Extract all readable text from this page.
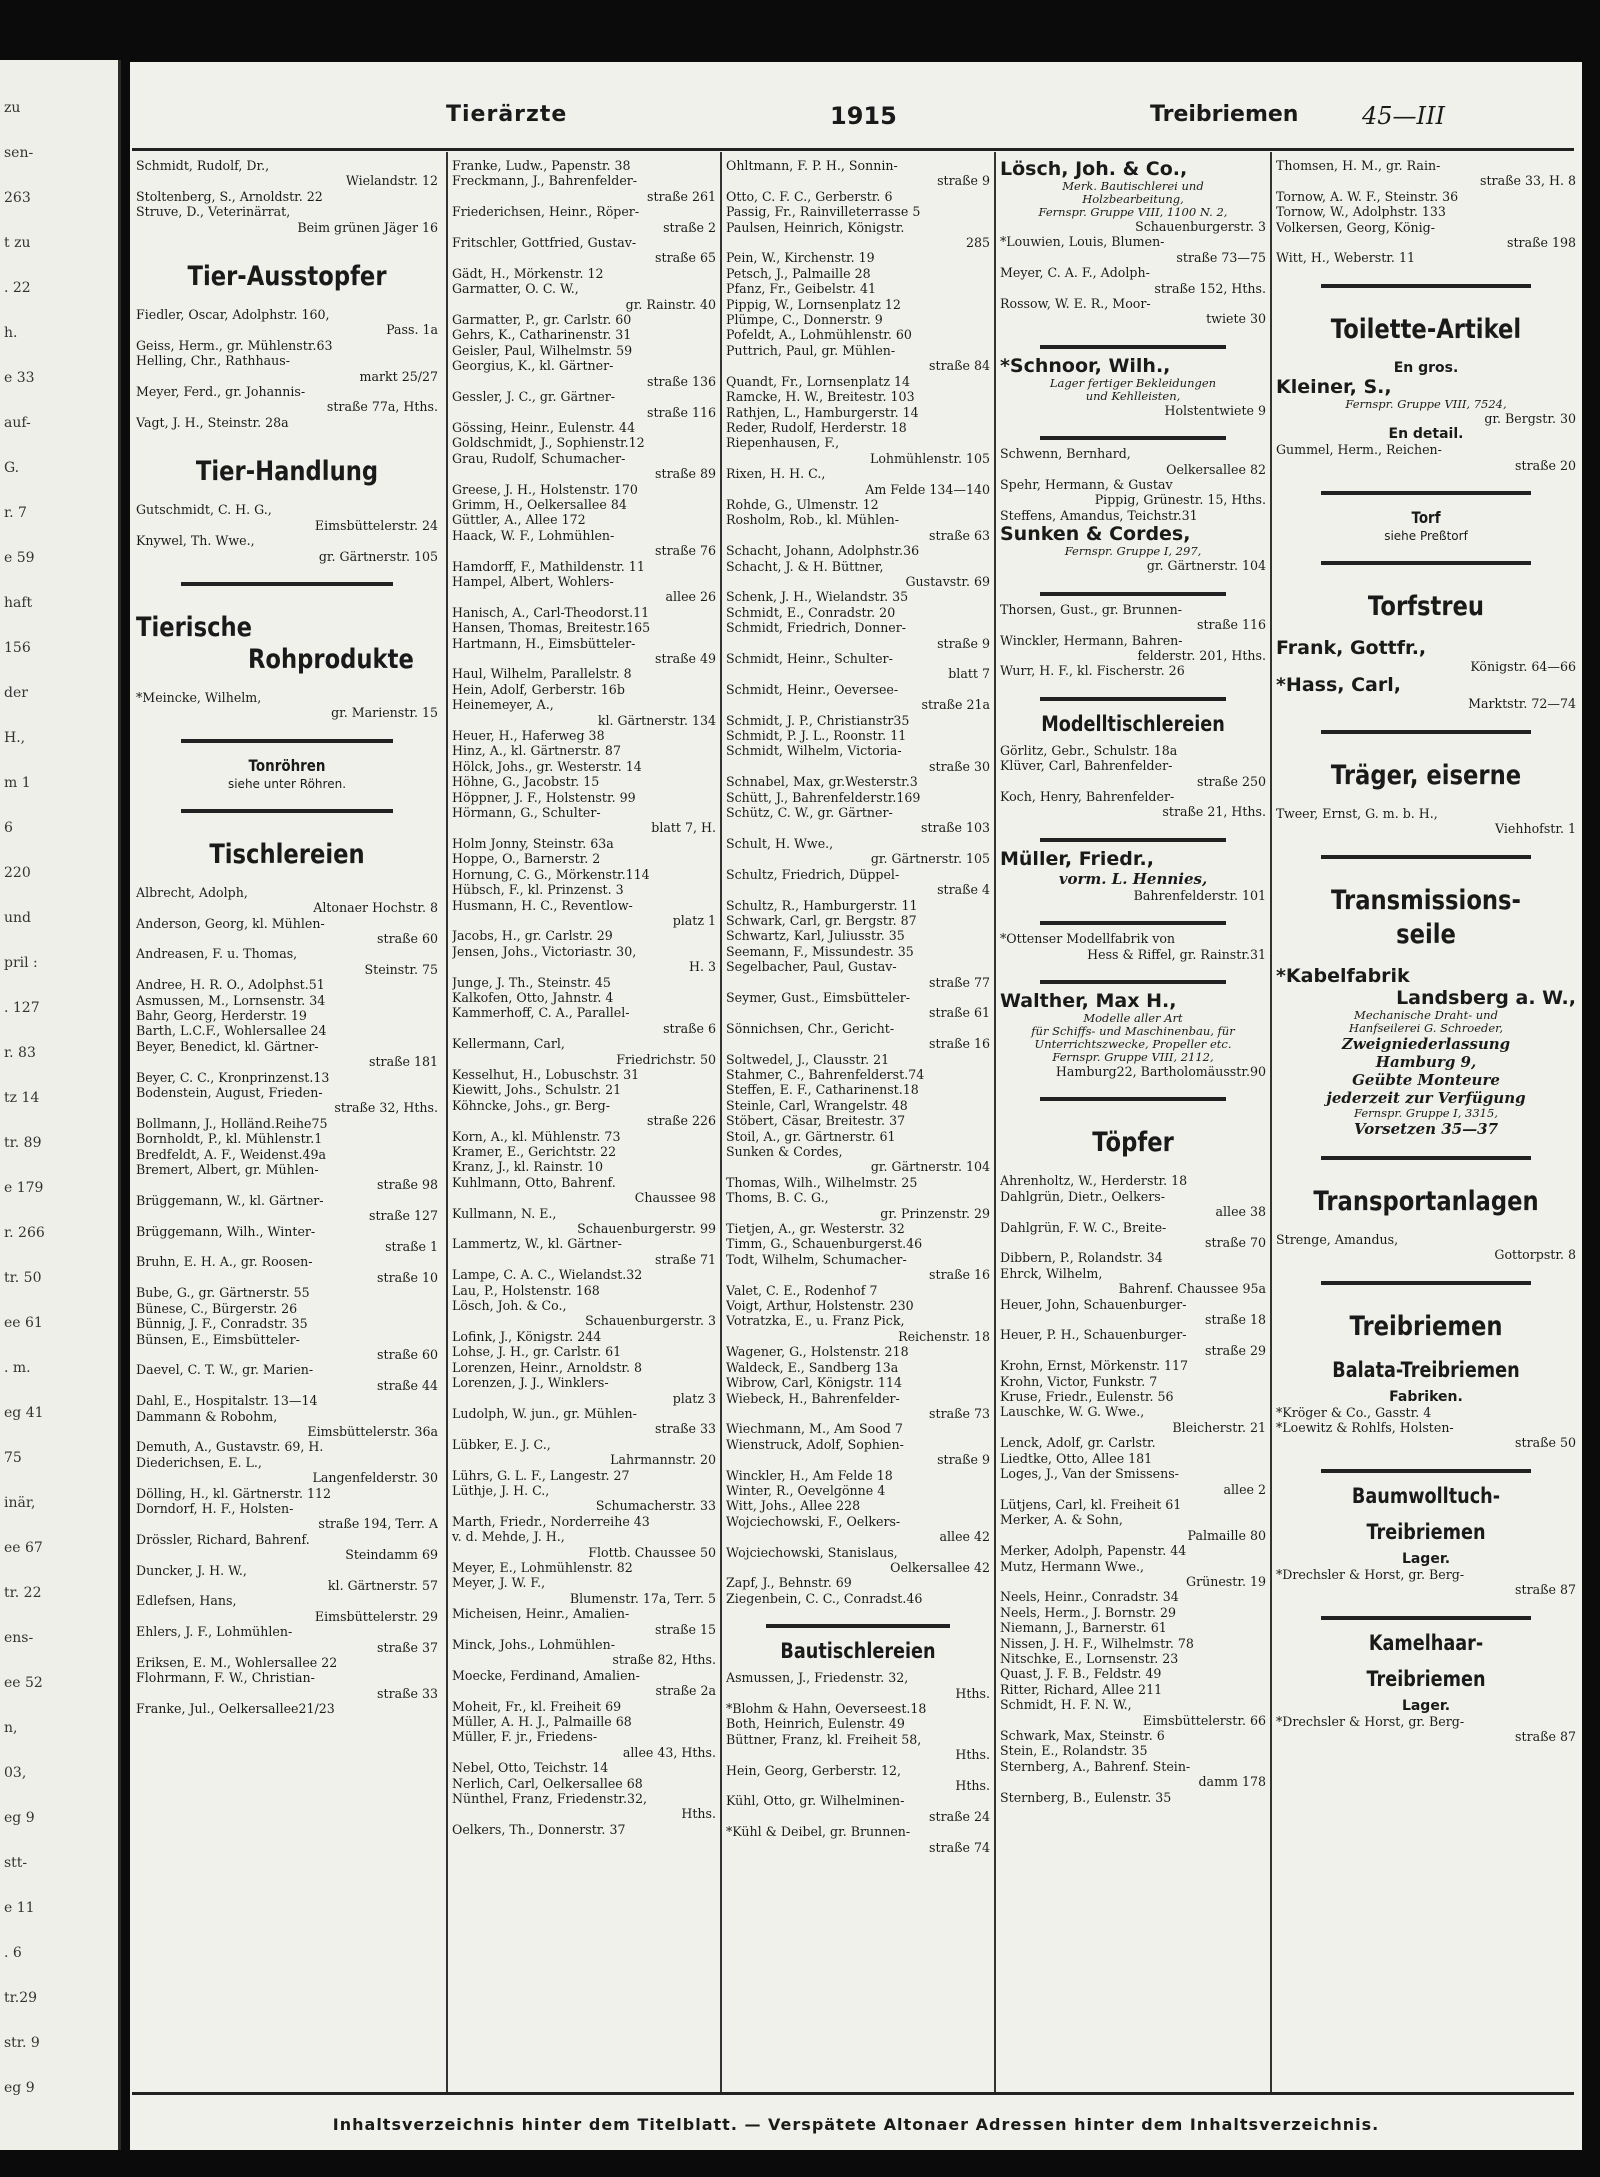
zu
sen-
263
t zu
. 22
h.
e 33
auf-
G.
r. 7
e 59
haft
156
der
H.,
m 1
6
220
und
pril :
. 127
r. 83
tz 14
tr. 89
e 179
r. 266
tr. 50
ee 61
. m.
eg 41
75
inär,
ee 67
tr. 22
ens-
ee 52
n,
03,
eg 9
stt-
e 11
. 6
tr.29
str. 9
eg 9
Tierärzte	1915	Treibriemen	45—III
Schmidt, Rudolf, Dr.,
Wielandstr. 12
Stoltenberg, S., Arnoldstr. 22
Struve, D., Veterinärrat,
Beim grünen Jäger 16
Tier-Ausstopfer
Fiedler, Oscar, Adolphstr. 160,
Pass. 1a
Geiss, Herm., gr. Mühlenstr.63
Helling, Chr., Rathhaus-
markt 25/27
Meyer, Ferd., gr. Johannis-
straße 77a, Hths.
Vagt, J. H., Steinstr. 28a
Tier-Handlung
Gutschmidt, C. H. G.,
Eimsbüttelerstr. 24
Knywel, Th. Wwe.,
gr. Gärtnerstr. 105
Tierische
Rohprodukte
*Meincke, Wilhelm,
gr. Marienstr. 15
Tonröhren
siehe unter Röhren.
Tischlereien
Albrecht, Adolph,
Altonaer Hochstr. 8
Anderson, Georg, kl. Mühlen-
straße 60
Andreasen, F. u. Thomas,
Steinstr. 75
Andree, H. R. O., Adolphst.51
Asmussen, M., Lornsenstr. 34
Bahr, Georg, Herderstr. 19
Barth, L.C.F., Wohlersallee 24
Beyer, Benedict, kl. Gärtner-
straße 181
Beyer, C. C., Kronprinzenst.13
Bodenstein, August, Frieden-
straße 32, Hths.
Bollmann, J., Holländ.Reihe75
Bornholdt, P., kl. Mühlenstr.1
Bredfeldt, A. F., Weidenst.49a
Bremert, Albert, gr. Mühlen-
straße 98
Brüggemann, W., kl. Gärtner-
straße 127
Brüggemann, Wilh., Winter-
straße 1
Bruhn, E. H. A., gr. Roosen-
straße 10
Bube, G., gr. Gärtnerstr. 55
Bünese, C., Bürgerstr. 26
Bünnig, J. F., Conradstr. 35
Bünsen, E., Eimsbütteler-
straße 60
Daevel, C. T. W., gr. Marien-
straße 44
Dahl, E., Hospitalstr. 13—14
Dammann & Robohm,
Eimsbüttelerstr. 36a
Demuth, A., Gustavstr. 69, H.
Diederichsen, E. L.,
Langenfelderstr. 30
Dölling, H., kl. Gärtnerstr. 112
Dorndorf, H. F., Holsten-
straße 194, Terr. A
Drössler, Richard, Bahrenf.
Steindamm 69
Duncker, J. H. W.,
kl. Gärtnerstr. 57
Edlefsen, Hans,
Eimsbüttelerstr. 29
Ehlers, J. F., Lohmühlen-
straße 37
Eriksen, E. M., Wohlersallee 22
Flohrmann, F. W., Christian-
straße 33
Franke, Jul., Oelkersallee21/23
Franke, Ludw., Papenstr. 38
Freckmann, J., Bahrenfelder-
straße 261
Friederichsen, Heinr., Röper-
straße 2
Fritschler, Gottfried, Gustav-
straße 65
Gädt, H., Mörkenstr. 12
Garmatter, O. C. W.,
gr. Rainstr. 40
Garmatter, P., gr. Carlstr. 60
Gehrs, K., Catharinenstr. 31
Geisler, Paul, Wilhelmstr. 59
Georgius, K., kl. Gärtner-
straße 136
Gessler, J. C., gr. Gärtner-
straße 116
Gössing, Heinr., Eulenstr. 44
Goldschmidt, J., Sophienstr.12
Grau, Rudolf, Schumacher-
straße 89
Greese, J. H., Holstenstr. 170
Grimm, H., Oelkersallee 84
Güttler, A., Allee 172
Haack, W. F., Lohmühlen-
straße 76
Hamdorff, F., Mathildenstr. 11
Hampel, Albert, Wohlers-
allee 26
Hanisch, A., Carl-Theodorst.11
Hansen, Thomas, Breitestr.165
Hartmann, H., Eimsbütteler-
straße 49
Haul, Wilhelm, Parallelstr. 8
Hein, Adolf, Gerberstr. 16b
Heinemeyer, A.,
kl. Gärtnerstr. 134
Heuer, H., Haferweg 38
Hinz, A., kl. Gärtnerstr. 87
Hölck, Johs., gr. Westerstr. 14
Höhne, G., Jacobstr. 15
Höppner, J. F., Holstenstr. 99
Hörmann, G., Schulter-
blatt 7, H.
Holm Jonny, Steinstr. 63a
Hoppe, O., Barnerstr. 2
Hornung, C. G., Mörkenstr.114
Hübsch, F., kl. Prinzenst. 3
Husmann, H. C., Reventlow-
platz 1
Jacobs, H., gr. Carlstr. 29
Jensen, Johs., Victoriastr. 30,
H. 3
Junge, J. Th., Steinstr. 45
Kalkofen, Otto, Jahnstr. 4
Kammerhoff, C. A., Parallel-
straße 6
Kellermann, Carl,
Friedrichstr. 50
Kesselhut, H., Lobuschstr. 31
Kiewitt, Johs., Schulstr. 21
Köhncke, Johs., gr. Berg-
straße 226
Korn, A., kl. Mühlenstr. 73
Kramer, E., Gerichtstr. 22
Kranz, J., kl. Rainstr. 10
Kuhlmann, Otto, Bahrenf.
Chaussee 98
Kullmann, N. E.,
Schauenburgerstr. 99
Lammertz, W., kl. Gärtner-
straße 71
Lampe, C. A. C., Wielandst.32
Lau, P., Holstenstr. 168
Lösch, Joh. & Co.,
Schauenburgerstr. 3
Lofink, J., Königstr. 244
Lohse, J. H., gr. Carlstr. 61
Lorenzen, Heinr., Arnoldstr. 8
Lorenzen, J. J., Winklers-
platz 3
Ludolph, W. jun., gr. Mühlen-
straße 33
Lübker, E. J. C.,
Lahrmannstr. 20
Lührs, G. L. F., Langestr. 27
Lüthje, J. H. C.,
Schumacherstr. 33
Marth, Friedr., Norderreihe 43
v. d. Mehde, J. H.,
Flottb. Chaussee 50
Meyer, E., Lohmühlenstr. 82
Meyer, J. W. F.,
Blumenstr. 17a, Terr. 5
Micheisen, Heinr., Amalien-
straße 15
Minck, Johs., Lohmühlen-
straße 82, Hths.
Moecke, Ferdinand, Amalien-
straße 2a
Moheit, Fr., kl. Freiheit 69
Müller, A. H. J., Palmaille 68
Müller, F. jr., Friedens-
allee 43, Hths.
Nebel, Otto, Teichstr. 14
Nerlich, Carl, Oelkersallee 68
Nünthel, Franz, Friedenstr.32,
Hths.
Oelkers, Th., Donnerstr. 37
Ohltmann, F. P. H., Sonnin-
straße 9
Otto, C. F. C., Gerberstr. 6
Passig, Fr., Rainvilleterrasse 5
Paulsen, Heinrich, Königstr.
285
Pein, W., Kirchenstr. 19
Petsch, J., Palmaille 28
Pfanz, Fr., Geibelstr. 41
Pippig, W., Lornsenplatz 12
Plümpe, C., Donnerstr. 9
Pofeldt, A., Lohmühlenstr. 60
Puttrich, Paul, gr. Mühlen-
straße 84
Quandt, Fr., Lornsenplatz 14
Ramcke, H. W., Breitestr. 103
Rathjen, L., Hamburgerstr. 14
Reder, Rudolf, Herderstr. 18
Riepenhausen, F.,
Lohmühlenstr. 105
Rixen, H. H. C.,
Am Felde 134—140
Rohde, G., Ulmenstr. 12
Rosholm, Rob., kl. Mühlen-
straße 63
Schacht, Johann, Adolphstr.36
Schacht, J. & H. Büttner,
Gustavstr. 69
Schenk, J. H., Wielandstr. 35
Schmidt, E., Conradstr. 20
Schmidt, Friedrich, Donner-
straße 9
Schmidt, Heinr., Schulter-
blatt 7
Schmidt, Heinr., Oeversee-
straße 21a
Schmidt, J. P., Christianstr35
Schmidt, P. J. L., Roonstr. 11
Schmidt, Wilhelm, Victoria-
straße 30
Schnabel, Max, gr.Westerstr.3
Schütt, J., Bahrenfelderstr.169
Schütz, C. W., gr. Gärtner-
straße 103
Schult, H. Wwe.,
gr. Gärtnerstr. 105
Schultz, Friedrich, Düppel-
straße 4
Schultz, R., Hamburgerstr. 11
Schwark, Carl, gr. Bergstr. 87
Schwartz, Karl, Juliusstr. 35
Seemann, F., Missundestr. 35
Segelbacher, Paul, Gustav-
straße 77
Seymer, Gust., Eimsbütteler-
straße 61
Sönnichsen, Chr., Gericht-
straße 16
Soltwedel, J., Clausstr. 21
Stahmer, C., Bahrenfelderst.74
Steffen, E. F., Catharinenst.18
Steinle, Carl, Wrangelstr. 48
Stöbert, Cäsar, Breitestr. 37
Stoil, A., gr. Gärtnerstr. 61
Sunken & Cordes,
gr. Gärtnerstr. 104
Thomas, Wilh., Wilhelmstr. 25
Thoms, B. C. G.,
gr. Prinzenstr. 29
Tietjen, A., gr. Westerstr. 32
Timm, G., Schauenburgerst.46
Todt, Wilhelm, Schumacher-
straße 16
Valet, C. E., Rodenhof 7
Voigt, Arthur, Holstenstr. 230
Votratzka, E., u. Franz Pick,
Reichenstr. 18
Wagener, G., Holstenstr. 218
Waldeck, E., Sandberg 13a
Wibrow, Carl, Königstr. 114
Wiebeck, H., Bahrenfelder-
straße 73
Wiechmann, M., Am Sood 7
Wienstruck, Adolf, Sophien-
straße 9
Winckler, H., Am Felde 18
Winter, R., Oevelgönne 4
Witt, Johs., Allee 228
Wojciechowski, F., Oelkers-
allee 42
Wojciechowski, Stanislaus,
Oelkersallee 42
Zapf, J., Behnstr. 69
Ziegenbein, C. C., Conradst.46
Bautischlereien
Asmussen, J., Friedenstr. 32,
Hths.
*Blohm & Hahn, Oeverseest.18
Both, Heinrich, Eulenstr. 49
Büttner, Franz, kl. Freiheit 58,
Hths.
Hein, Georg, Gerberstr. 12,
Hths.
Kühl, Otto, gr. Wilhelminen-
straße 24
*Kühl & Deibel, gr. Brunnen-
straße 74
Lösch, Joh. & Co.,
Merk. Bautischlerei und
Holzbearbeitung,
Fernspr. Gruppe VIII, 1100 N. 2,
Schauenburgerstr. 3
*Louwien, Louis, Blumen-
straße 73—75
Meyer, C. A. F., Adolph-
straße 152, Hths.
Rossow, W. E. R., Moor-
twiete 30
*Schnoor, Wilh.,
Lager fertiger Bekleidungen
und Kehlleisten,
Holstentwiete 9
Schwenn, Bernhard,
Oelkersallee 82
Spehr, Hermann, & Gustav
Pippig, Grünestr. 15, Hths.
Steffens, Amandus, Teichstr.31
Sunken & Cordes,
Fernspr. Gruppe I, 297,
gr. Gärtnerstr. 104
Thorsen, Gust., gr. Brunnen-
straße 116
Winckler, Hermann, Bahren-
felderstr. 201, Hths.
Wurr, H. F., kl. Fischerstr. 26
Modelltischlereien
Görlitz, Gebr., Schulstr. 18a
Klüver, Carl, Bahrenfelder-
straße 250
Koch, Henry, Bahrenfelder-
straße 21, Hths.
Müller, Friedr.,
vorm. L. Hennies,
Bahrenfelderstr. 101
*Ottenser Modellfabrik von
Hess & Riffel, gr. Rainstr.31
Walther, Max H.,
Modelle aller Art
für Schiffs- und Maschinenbau, für
Unterrichtszwecke, Propeller etc.
Fernspr. Gruppe VIII, 2112,
Hamburg22, Bartholomäusstr.90
Töpfer
Ahrenholtz, W., Herderstr. 18
Dahlgrün, Dietr., Oelkers-
allee 38
Dahlgrün, F. W. C., Breite-
straße 70
Dibbern, P., Rolandstr. 34
Ehrck, Wilhelm,
Bahrenf. Chaussee 95a
Heuer, John, Schauenburger-
straße 18
Heuer, P. H., Schauenburger-
straße 29
Krohn, Ernst, Mörkenstr. 117
Krohn, Victor, Funkstr. 7
Kruse, Friedr., Eulenstr. 56
Lauschke, W. G. Wwe.,
Bleicherstr. 21
Lenck, Adolf, gr. Carlstr.
Liedtke, Otto, Allee 181
Loges, J., Van der Smissens-
allee 2
Lütjens, Carl, kl. Freiheit 61
Merker, A. & Sohn,
Palmaille 80
Merker, Adolph, Papenstr. 44
Mutz, Hermann Wwe.,
Grünestr. 19
Neels, Heinr., Conradstr. 34
Neels, Herm., J. Bornstr. 29
Niemann, J., Barnerstr. 61
Nissen, J. H. F., Wilhelmstr. 78
Nitschke, E., Lornsenstr. 23
Quast, J. F. B., Feldstr. 49
Ritter, Richard, Allee 211
Schmidt, H. F. N. W.,
Eimsbüttelerstr. 66
Schwark, Max, Steinstr. 6
Stein, E., Rolandstr. 35
Sternberg, A., Bahrenf. Stein-
damm 178
Sternberg, B., Eulenstr. 35
Thomsen, H. M., gr. Rain-
straße 33, H. 8
Tornow, A. W. F., Steinstr. 36
Tornow, W., Adolphstr. 133
Volkersen, Georg, König-
straße 198
Witt, H., Weberstr. 11
Toilette-Artikel
En gros.
Kleiner, S.,
Fernspr. Gruppe VIII, 7524,
gr. Bergstr. 30
En detail.
Gummel, Herm., Reichen-
straße 20
Torf
siehe Preßtorf
Torfstreu
Frank, Gottfr.,
Königstr. 64—66
*Hass, Carl,
Marktstr. 72—74
Träger, eiserne
Tweer, Ernst, G. m. b. H.,
Viehhofstr. 1
Transmissions-
seile
*Kabelfabrik
Landsberg a. W.,
Mechanische Draht- und
Hanfseilerei G. Schroeder,
Zweigniederlassung
Hamburg 9,
Geübte Monteure
jederzeit zur Verfügung
Fernspr. Gruppe I, 3315,
Vorsetzen 35—37
Transportanlagen
Strenge, Amandus,
Gottorpstr. 8
Treibriemen
Balata-Treibriemen
Fabriken.
*Kröger & Co., Gasstr. 4
*Loewitz & Rohlfs, Holsten-
straße 50
Baumwolltuch-
Treibriemen
Lager.
*Drechsler & Horst, gr. Berg-
straße 87
Kamelhaar-
Treibriemen
Lager.
*Drechsler & Horst, gr. Berg-
straße 87
Inhaltsverzeichnis hinter dem Titelblatt. — Verspätete Altonaer Adressen hinter dem Inhaltsverzeichnis.
